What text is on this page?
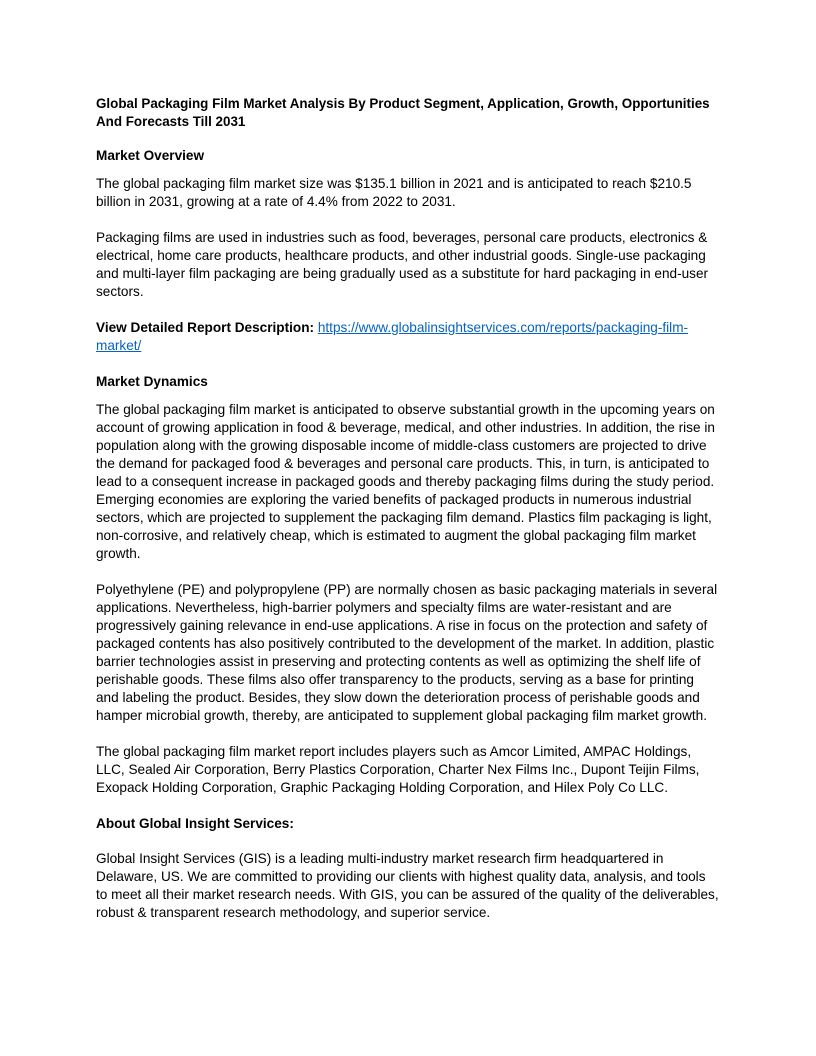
Global Packaging Film Market Analysis By Product Segment, Application, Growth, Opportunities And Forecasts Till 2031

Market Overview

The global packaging film market size was $135.1 billion in 2021 and is anticipated to reach $210.5 billion in 2031, growing at a rate of 4.4% from 2022 to 2031.

Packaging films are used in industries such as food, beverages, personal care products, electronics & electrical, home care products, healthcare products, and other industrial goods. Single-use packaging and multi-layer film packaging are being gradually used as a substitute for hard packaging in end-user sectors.

View Detailed Report Description: https://www.globalinsightservices.com/reports/packaging-film-market/

Market Dynamics

The global packaging film market is anticipated to observe substantial growth in the upcoming years on account of growing application in food & beverage, medical, and other industries. In addition, the rise in population along with the growing disposable income of middle-class customers are projected to drive the demand for packaged food & beverages and personal care products. This, in turn, is anticipated to lead to a consequent increase in packaged goods and thereby packaging films during the study period. Emerging economies are exploring the varied benefits of packaged products in numerous industrial sectors, which are projected to supplement the packaging film demand. Plastics film packaging is light, non-corrosive, and relatively cheap, which is estimated to augment the global packaging film market growth.

Polyethylene (PE) and polypropylene (PP) are normally chosen as basic packaging materials in several applications. Nevertheless, high-barrier polymers and specialty films are water-resistant and are progressively gaining relevance in end-use applications. A rise in focus on the protection and safety of packaged contents has also positively contributed to the development of the market. In addition, plastic barrier technologies assist in preserving and protecting contents as well as optimizing the shelf life of perishable goods. These films also offer transparency to the products, serving as a base for printing and labeling the product. Besides, they slow down the deterioration process of perishable goods and hamper microbial growth, thereby, are anticipated to supplement global packaging film market growth.

The global packaging film market report includes players such as Amcor Limited, AMPAC Holdings, LLC, Sealed Air Corporation, Berry Plastics Corporation, Charter Nex Films Inc., Dupont Teijin Films, Exopack Holding Corporation, Graphic Packaging Holding Corporation, and Hilex Poly Co LLC.

About Global Insight Services:

Global Insight Services (GIS) is a leading multi-industry market research firm headquartered in Delaware, US. We are committed to providing our clients with highest quality data, analysis, and tools to meet all their market research needs. With GIS, you can be assured of the quality of the deliverables, robust & transparent research methodology, and superior service.
